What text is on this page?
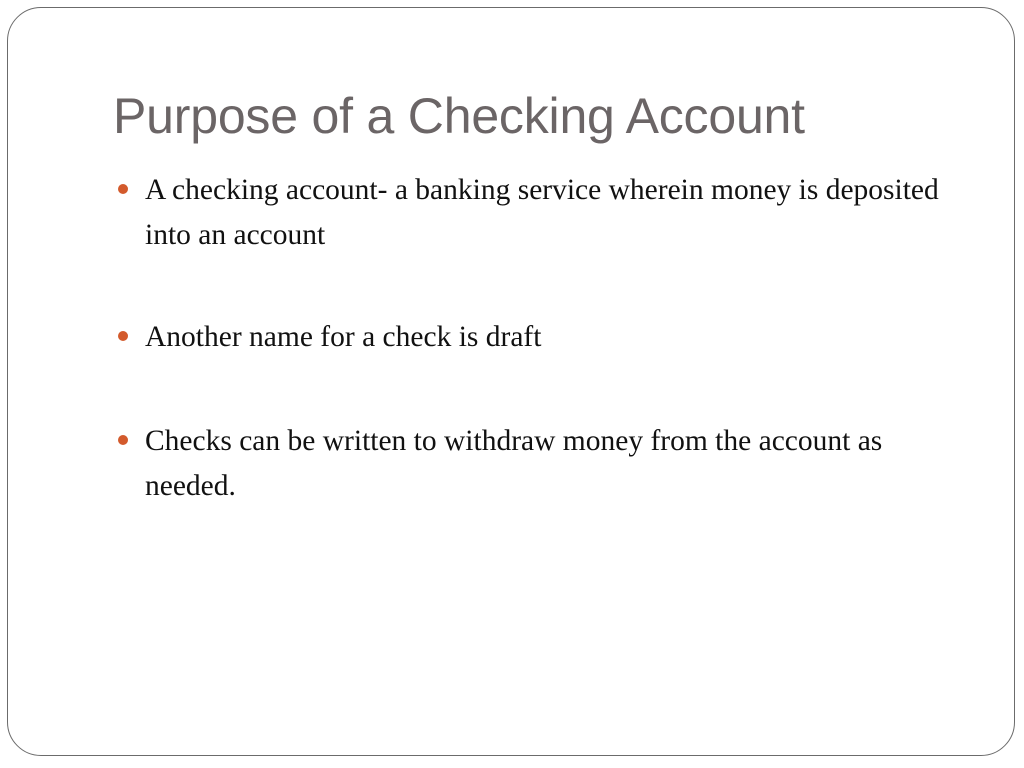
Purpose of a Checking Account
A checking account- a banking service wherein money is deposited into an account
Another name for a check is draft
Checks can be written to withdraw money from the account as needed.
